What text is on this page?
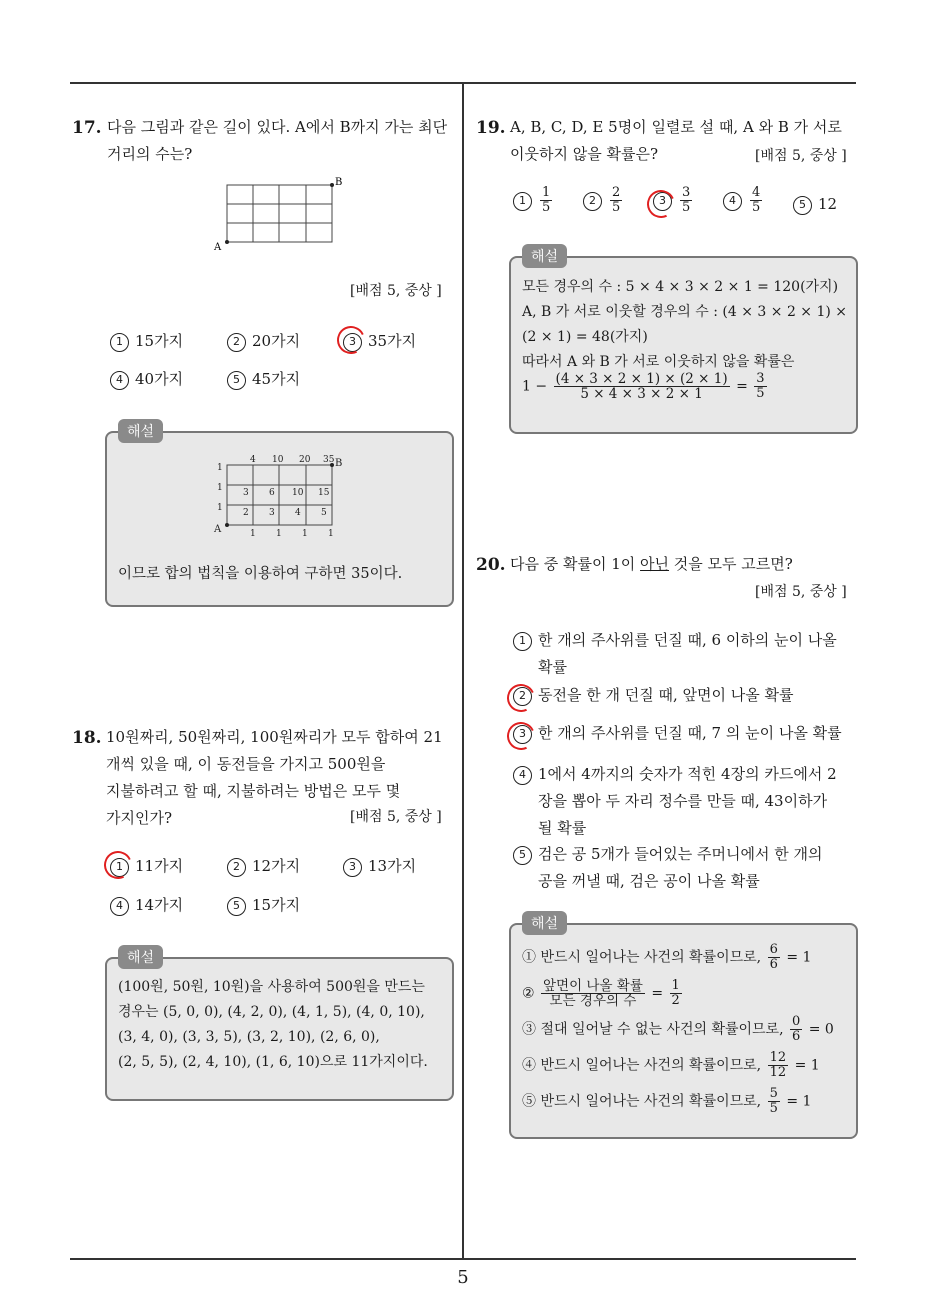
17. 다음 그림과 같은 길이 있다. A에서 B까지 가는 최단
거리의 수는?
A
B
[배점 5, 중상 ]
1 15가지	2 20가지	3 35가지
4 40가지	5 45가지
해설
4 10 20 35
1
1
1
3 6 10 15
2 3 4 5
1 1 1 1
A
B
이므로 합의 법칙을 이용하여 구하면 35이다.
18. 10원짜리, 50원짜리, 100원짜리가 모두 합하여 21
개씩 있을 때, 이 동전들을 가지고 500원을
지불하려고 할 때, 지불하려는 방법은 모두 몇
가지인가?	[배점 5, 중상 ]
1 11가지	2 12가지	3 13가지
4 14가지	5 15가지
해설
(100원, 50원, 10원)을 사용하여 500원을 만드는
경우는 (5, 0, 0), (4, 2, 0), (4, 1, 5), (4, 0, 10),
(3, 4, 0), (3, 3, 5), (3, 2, 10), (2, 6, 0),
(2, 5, 5), (2, 4, 10), (1, 6, 10)으로 11가지이다.
19. A, B, C, D, E 5명이 일렬로 설 때, A 와 B 가 서로
이웃하지 않을 확률은?	[배점 5, 중상 ]
$1 \frac{1}{5}$	$2 \frac{2}{5}$	$3 \frac{3}{5}$	$4 \frac{4}{5}$	5 12
해설
모든 경우의 수 : 5 × 4 × 3 × 2 × 1 = 120(가지)
A, B 가 서로 이웃할 경우의 수 : (4 × 3 × 2 × 1) ×
(2 × 1) = 48(가지)
따라서 A 와 B 가 서로 이웃하지 않을 확률은
$1 - \frac{(4 \times 3 \times 2 \times 1) \times (2 \times 1)}{5 \times 4 \times 3 \times 2 \times 1} = \frac{3}{5}$
20. 다음 중 확률이 1이 아닌 것을 모두 고르면?
[배점 5, 중상 ]
1 한 개의 주사위를 던질 때, 6 이하의 눈이 나올
확률
2 동전을 한 개 던질 때, 앞면이 나올 확률
3 한 개의 주사위를 던질 때, 7 의 눈이 나올 확률
4 1에서 4까지의 숫자가 적힌 4장의 카드에서 2
장을 뽑아 두 자리 정수를 만들 때, 43이하가
될 확률
5 검은 공 5개가 들어있는 주머니에서 한 개의
공을 꺼낼 때, 검은 공이 나올 확률
해설
① 반드시 일어나는 사건의 확률이므로, $\frac{6}{6} = 1$
② $\frac{\text{앞면이 나올 확률}}{\text{모든 경우의 수}} = \frac{1}{2}$
③ 절대 일어날 수 없는 사건의 확률이므로, $\frac{0}{6} = 0$
④ 반드시 일어나는 사건의 확률이므로, $\frac{12}{12} = 1$
⑤ 반드시 일어나는 사건의 확률이므로, $\frac{5}{5} = 1$
5
